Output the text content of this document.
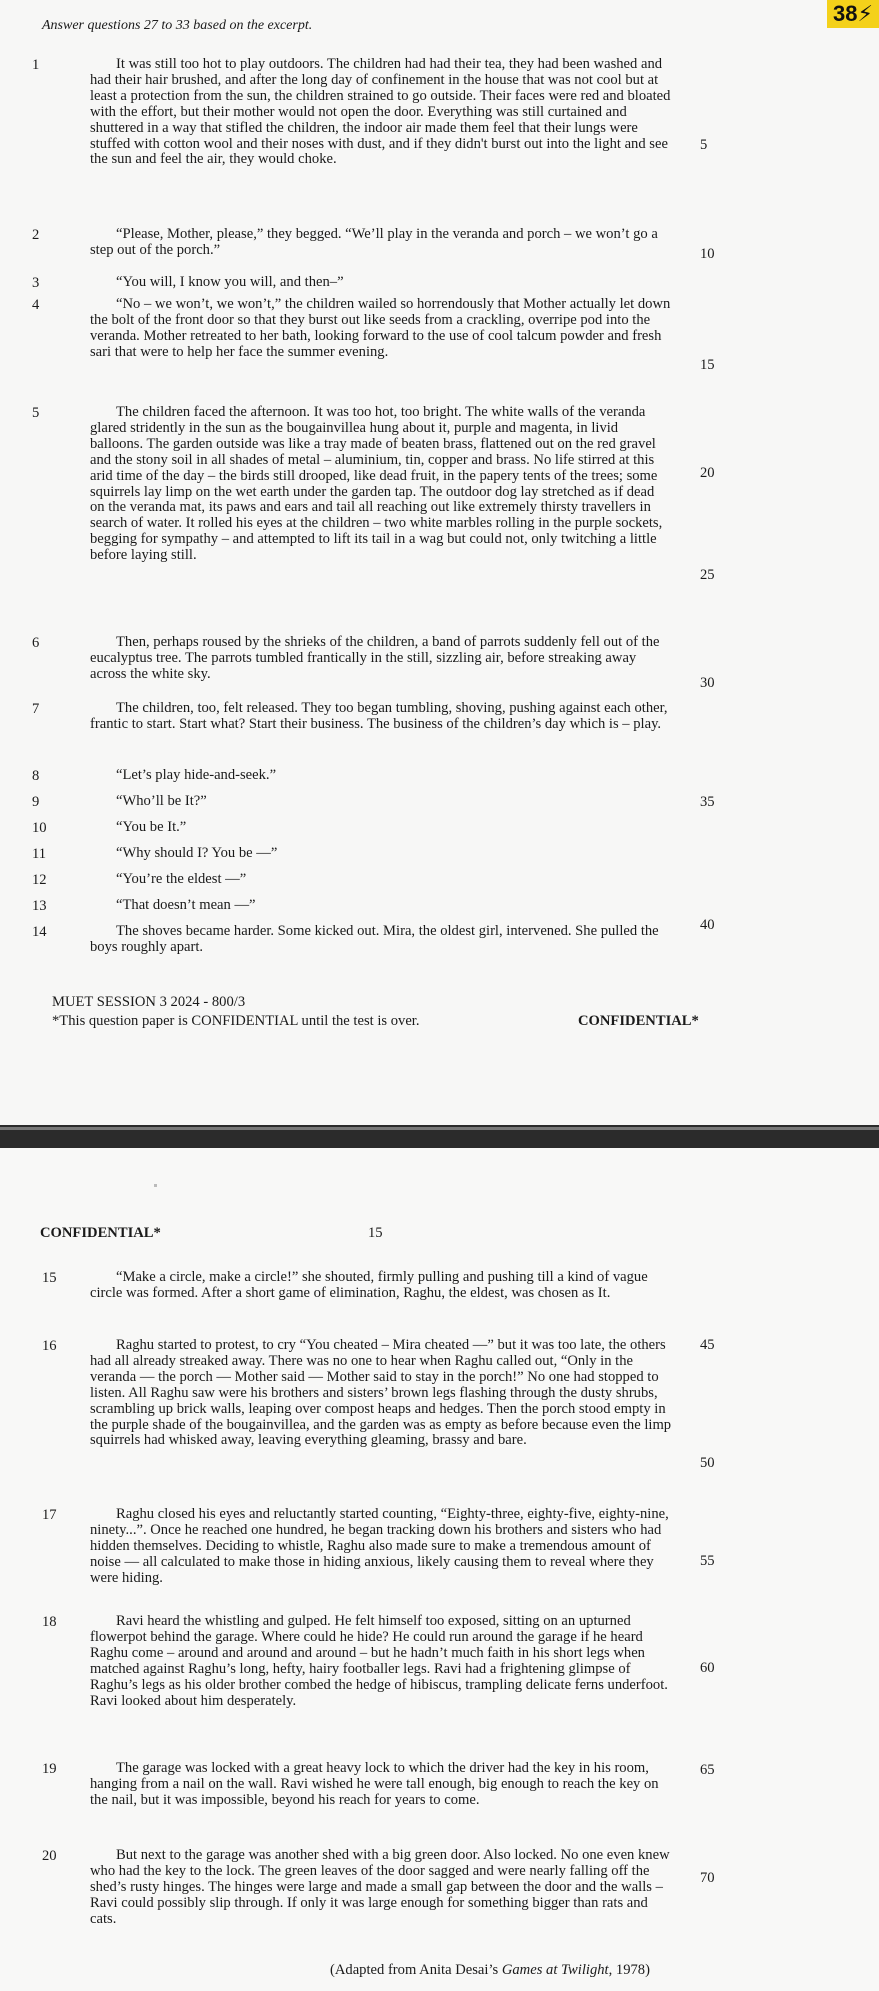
Answer questions 27 to 33 based on the excerpt.	38⚡
1	It was still too hot to play outdoors. The children had had their tea, they had been washed and had their hair brushed, and after the long day of confinement in the house that was not cool but at least a protection from the sun, the children strained to go outside. Their faces were red and bloated with the effort, but their mother would not open the door. Everything was still curtained and shuttered in a way that stifled the children, the indoor air made them feel that their lungs were stuffed with cotton wool and their noses with dust, and if they didn't burst out into the light and see the sun and feel the air, they would choke.

2	“Please, Mother, please,” they begged. “We’ll play in the veranda and porch – we won’t go a step out of the porch.”

3	“You will, I know you will, and then–”

4	“No – we won’t, we won’t,” the children wailed so horrendously that Mother actually let down the bolt of the front door so that they burst out like seeds from a crackling, overripe pod into the veranda. Mother retreated to her bath, looking forward to the use of cool talcum powder and fresh sari that were to help her face the summer evening.

5	The children faced the afternoon. It was too hot, too bright. The white walls of the veranda glared stridently in the sun as the bougainvillea hung about it, purple and magenta, in livid balloons. The garden outside was like a tray made of beaten brass, flattened out on the red gravel and the stony soil in all shades of metal – aluminium, tin, copper and brass. No life stirred at this arid time of the day – the birds still drooped, like dead fruit, in the papery tents of the trees; some squirrels lay limp on the wet earth under the garden tap. The outdoor dog lay stretched as if dead on the veranda mat, its paws and ears and tail all reaching out like extremely thirsty travellers in search of water. It rolled his eyes at the children – two white marbles rolling in the purple sockets, begging for sympathy – and attempted to lift its tail in a wag but could not, only twitching a little before laying still.

6	Then, perhaps roused by the shrieks of the children, a band of parrots suddenly fell out of the eucalyptus tree. The parrots tumbled frantically in the still, sizzling air, before streaking away across the white sky.

7	The children, too, felt released. They too began tumbling, shoving, pushing against each other, frantic to start. Start what? Start their business. The business of the children’s day which is – play.

8	“Let’s play hide-and-seek.”

9	“Who’ll be It?”

10	“You be It.”

11	“Why should I? You be —”

12	“You’re the eldest —”

13	“That doesn’t mean —”

14	The shoves became harder. Some kicked out. Mira, the oldest girl, intervened. She pulled the boys roughly apart.

5
10
15
20
25
30
35
40
MUET SESSION 3 2024 - 800/3
*This question paper is CONFIDENTIAL until the test is over.	CONFIDENTIAL*
CONFIDENTIAL*	15
15	“Make a circle, make a circle!” she shouted, firmly pulling and pushing till a kind of vague circle was formed. After a short game of elimination, Raghu, the eldest, was chosen as It.

16	Raghu started to protest, to cry “You cheated – Mira cheated —” but it was too late, the others had all already streaked away. There was no one to hear when Raghu called out, “Only in the veranda — the porch — Mother said — Mother said to stay in the porch!” No one had stopped to listen. All Raghu saw were his brothers and sisters’ brown legs flashing through the dusty shrubs, scrambling up brick walls, leaping over compost heaps and hedges. Then the porch stood empty in the purple shade of the bougainvillea, and the garden was as empty as before because even the limp squirrels had whisked away, leaving everything gleaming, brassy and bare.

17	Raghu closed his eyes and reluctantly started counting, “Eighty-three, eighty-five, eighty-nine, ninety...”. Once he reached one hundred, he began tracking down his brothers and sisters who had hidden themselves. Deciding to whistle, Raghu also made sure to make a tremendous amount of noise — all calculated to make those in hiding anxious, likely causing them to reveal where they were hiding.

18	Ravi heard the whistling and gulped. He felt himself too exposed, sitting on an upturned flowerpot behind the garage. Where could he hide? He could run around the garage if he heard Raghu come – around and around and around – but he hadn’t much faith in his short legs when matched against Raghu’s long, hefty, hairy footballer legs. Ravi had a frightening glimpse of Raghu’s legs as his older brother combed the hedge of hibiscus, trampling delicate ferns underfoot. Ravi looked about him desperately.

19	The garage was locked with a great heavy lock to which the driver had the key in his room, hanging from a nail on the wall. Ravi wished he were tall enough, big enough to reach the key on the nail, but it was impossible, beyond his reach for years to come.

20	But next to the garage was another shed with a big green door. Also locked. No one even knew who had the key to the lock. The green leaves of the door sagged and were nearly falling off the shed’s rusty hinges. The hinges were large and made a small gap between the door and the walls – Ravi could possibly slip through. If only it was large enough for something bigger than rats and cats.

45
50
55
60
65
70
(Adapted from Anita Desai’s Games at Twilight, 1978)
